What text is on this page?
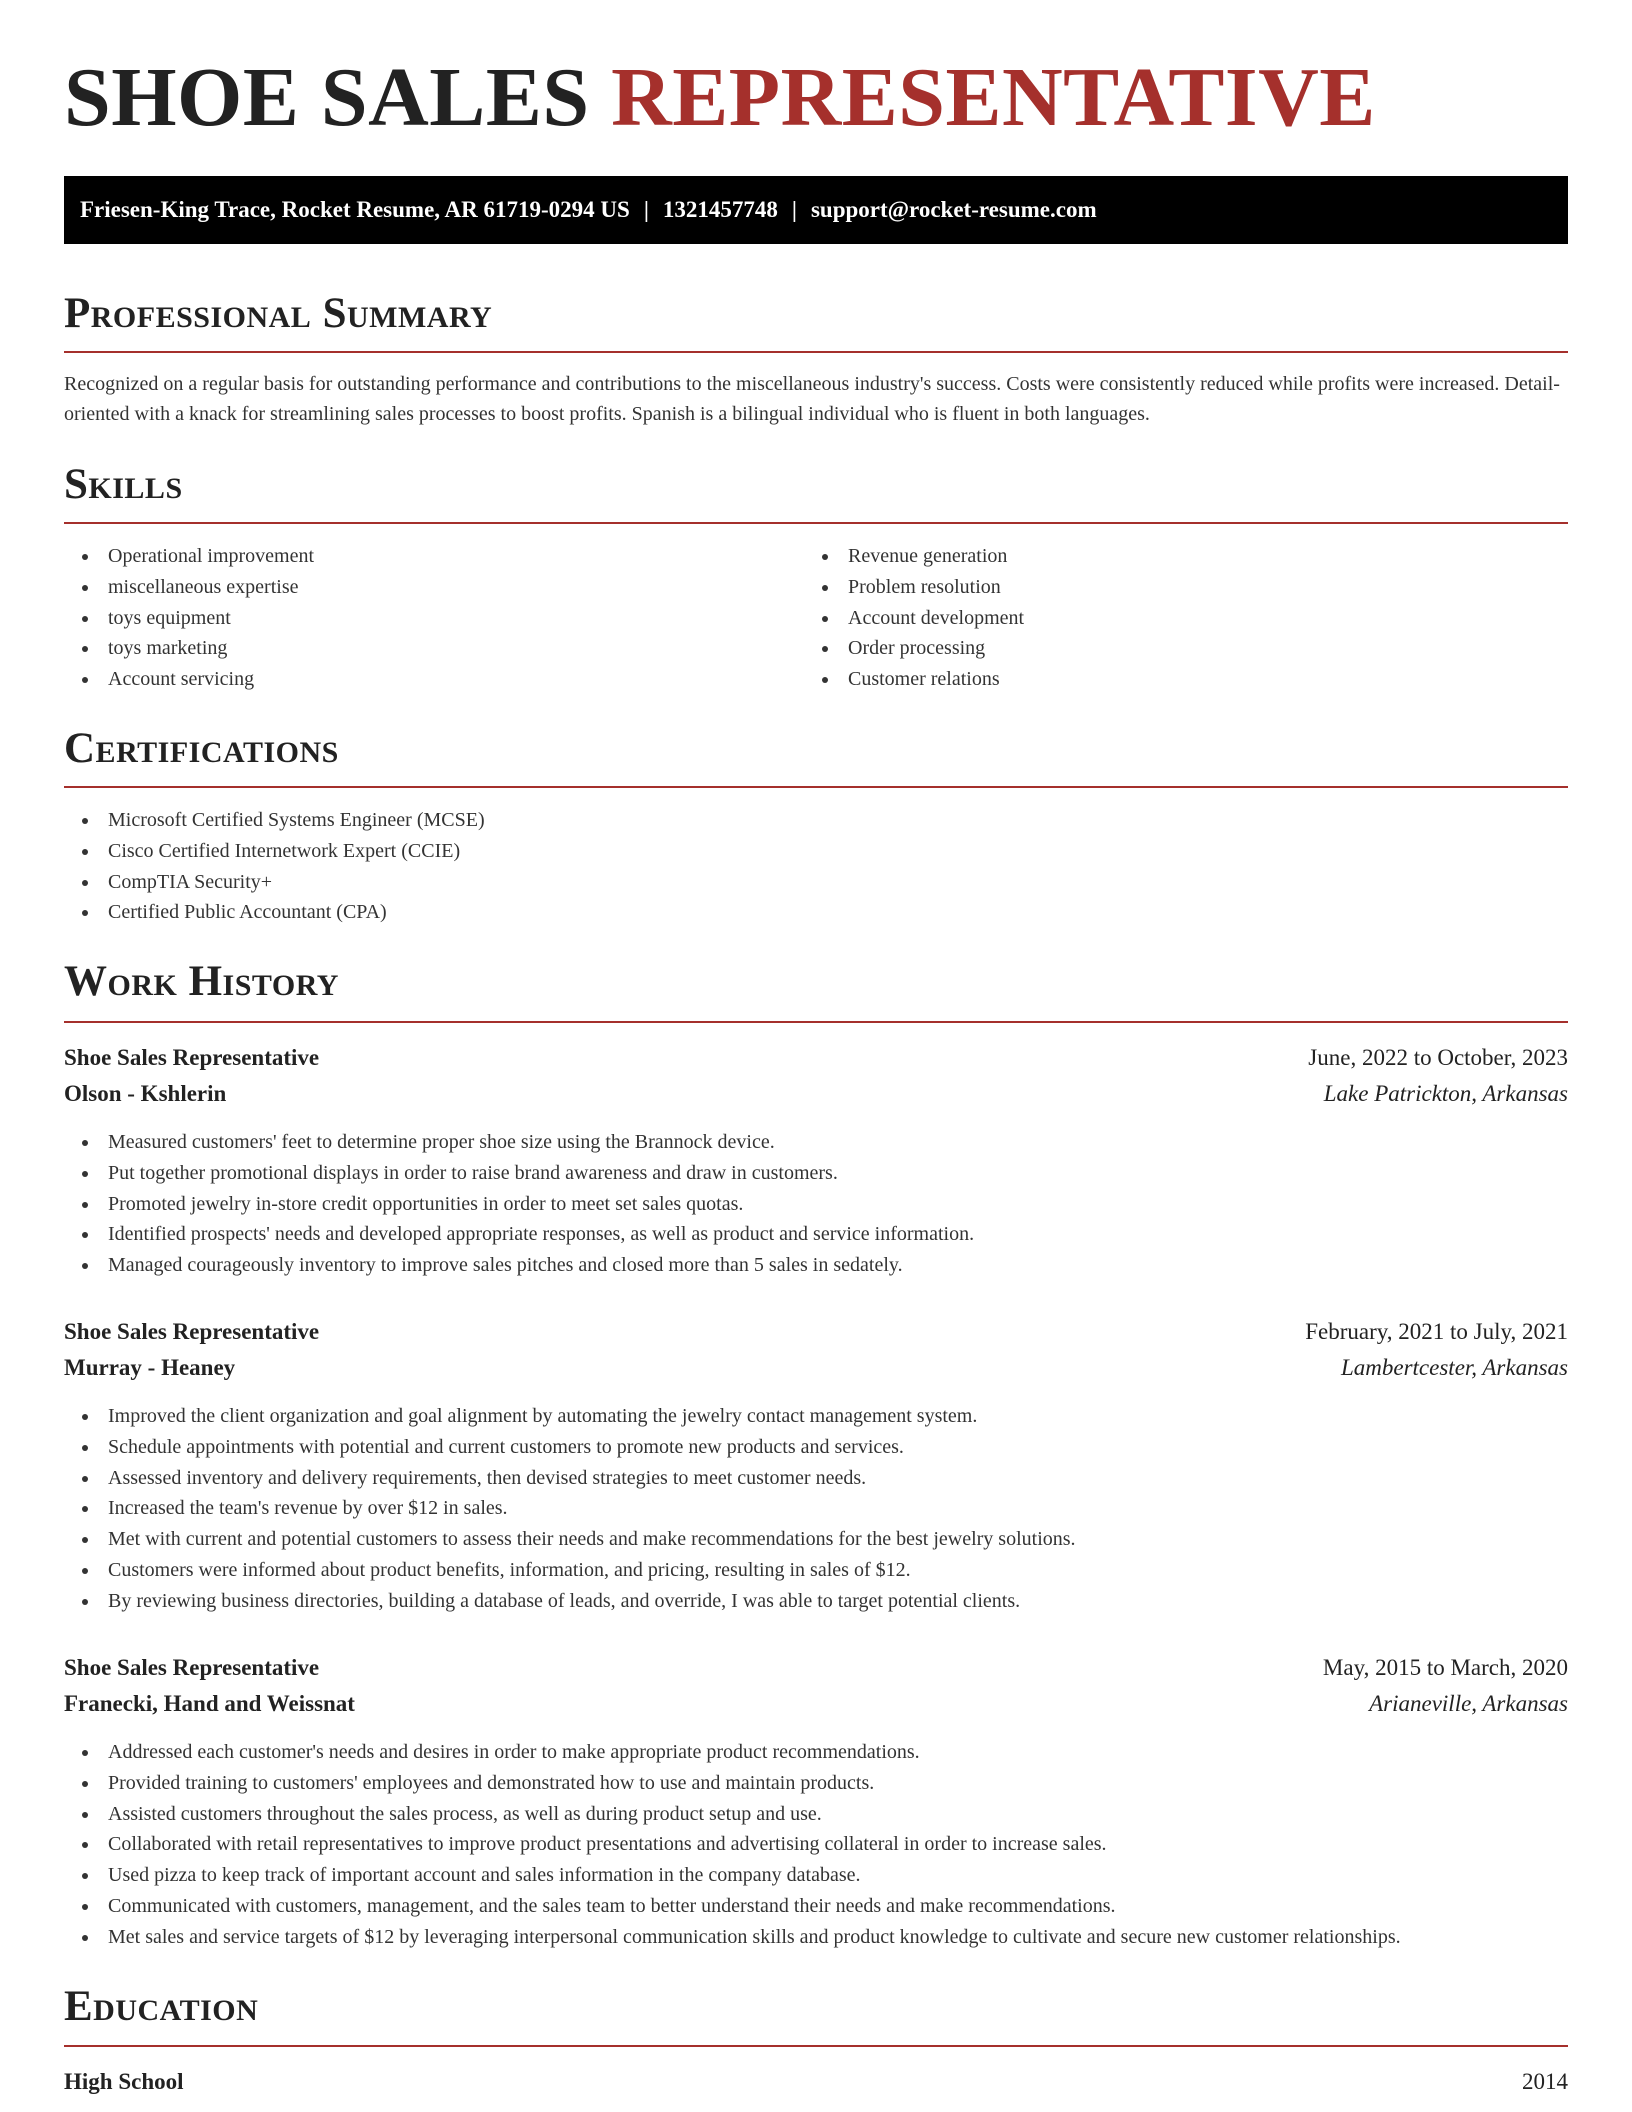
SHOE SALES REPRESENTATIVE
Friesen-King Trace, Rocket Resume, AR 61719-0294 US | 1321457748 | support@rocket-resume.com
Professional Summary

Recognized on a regular basis for outstanding performance and contributions to the miscellaneous industry's success. Costs were consistently reduced while profits were increased. Detail-oriented with a knack for streamlining sales processes to boost profits. Spanish is a bilingual individual who is fluent in both languages.

Skills
Operational improvement
miscellaneous expertise
toys equipment
toys marketing
Account servicing
Revenue generation
Problem resolution
Account development
Order processing
Customer relations
Certifications
Microsoft Certified Systems Engineer (MCSE)
Cisco Certified Internetwork Expert (CCIE)
CompTIA Security+
Certified Public Accountant (CPA)
Work History
Shoe Sales Representative	June, 2022 to October, 2023
Olson - Kshlerin	Lake Patrickton, Arkansas
Measured customers' feet to determine proper shoe size using the Brannock device.
Put together promotional displays in order to raise brand awareness and draw in customers.
Promoted jewelry in-store credit opportunities in order to meet set sales quotas.
Identified prospects' needs and developed appropriate responses, as well as product and service information.
Managed courageously inventory to improve sales pitches and closed more than 5 sales in sedately.
Shoe Sales Representative	February, 2021 to July, 2021
Murray - Heaney	Lambertcester, Arkansas
Improved the client organization and goal alignment by automating the jewelry contact management system.
Schedule appointments with potential and current customers to promote new products and services.
Assessed inventory and delivery requirements, then devised strategies to meet customer needs.
Increased the team's revenue by over $12 in sales.
Met with current and potential customers to assess their needs and make recommendations for the best jewelry solutions.
Customers were informed about product benefits, information, and pricing, resulting in sales of $12.
By reviewing business directories, building a database of leads, and override, I was able to target potential clients.
Shoe Sales Representative	May, 2015 to March, 2020
Franecki, Hand and Weissnat	Arianeville, Arkansas
Addressed each customer's needs and desires in order to make appropriate product recommendations.
Provided training to customers' employees and demonstrated how to use and maintain products.
Assisted customers throughout the sales process, as well as during product setup and use.
Collaborated with retail representatives to improve product presentations and advertising collateral in order to increase sales.
Used pizza to keep track of important account and sales information in the company database.
Communicated with customers, management, and the sales team to better understand their needs and make recommendations.
Met sales and service targets of $12 by leveraging interpersonal communication skills and product knowledge to cultivate and secure new customer relationships.
Education
High School	2014
